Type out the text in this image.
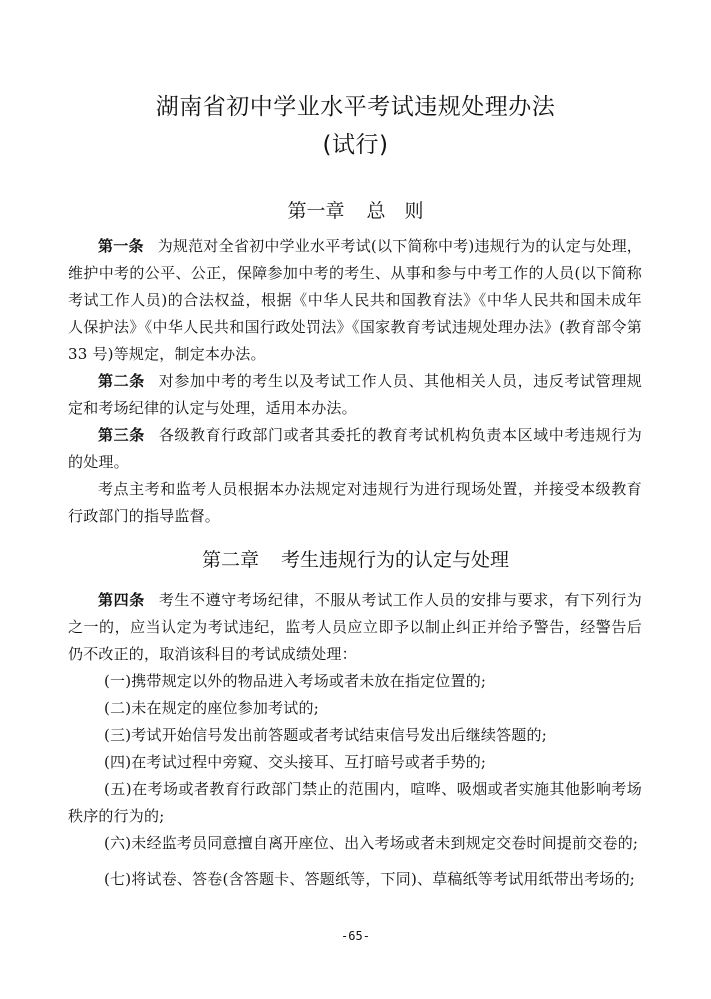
湖南省初中学业水平考试违规处理办法
(试行)
第一章 总　则
第一条 为规范对全省初中学业水平考试(以下简称中考)违规行为的认定与处理，维护中考的公平、公正，保障参加中考的考生、从事和参与中考工作的人员(以下简称考试工作人员)的合法权益，根据《中华人民共和国教育法》《中华人民共和国未成年人保护法》《中华人民共和国行政处罚法》《国家教育考试违规处理办法》(教育部令第 33 号)等规定，制定本办法。
第二条 对参加中考的考生以及考试工作人员、其他相关人员，违反考试管理规定和考场纪律的认定与处理，适用本办法。
第三条 各级教育行政部门或者其委托的教育考试机构负责本区域中考违规行为的处理。
考点主考和监考人员根据本办法规定对违规行为进行现场处置，并接受本级教育行政部门的指导监督。
第二章 考生违规行为的认定与处理
第四条 考生不遵守考场纪律，不服从考试工作人员的安排与要求，有下列行为之一的，应当认定为考试违纪，监考人员应立即予以制止纠正并给予警告，经警告后仍不改正的，取消该科目的考试成绩处理：
(一)携带规定以外的物品进入考场或者未放在指定位置的;
(二)未在规定的座位参加考试的;
(三)考试开始信号发出前答题或者考试结束信号发出后继续答题的;
(四)在考试过程中旁窥、交头接耳、互打暗号或者手势的;
(五)在考场或者教育行政部门禁止的范围内，喧哗、吸烟或者实施其他影响考场秩序的行为的;
(六)未经监考员同意擅自离开座位、出入考场或者未到规定交卷时间提前交卷的;
(七)将试卷、答卷(含答题卡、答题纸等，下同)、草稿纸等考试用纸带出考场的;
-65-
